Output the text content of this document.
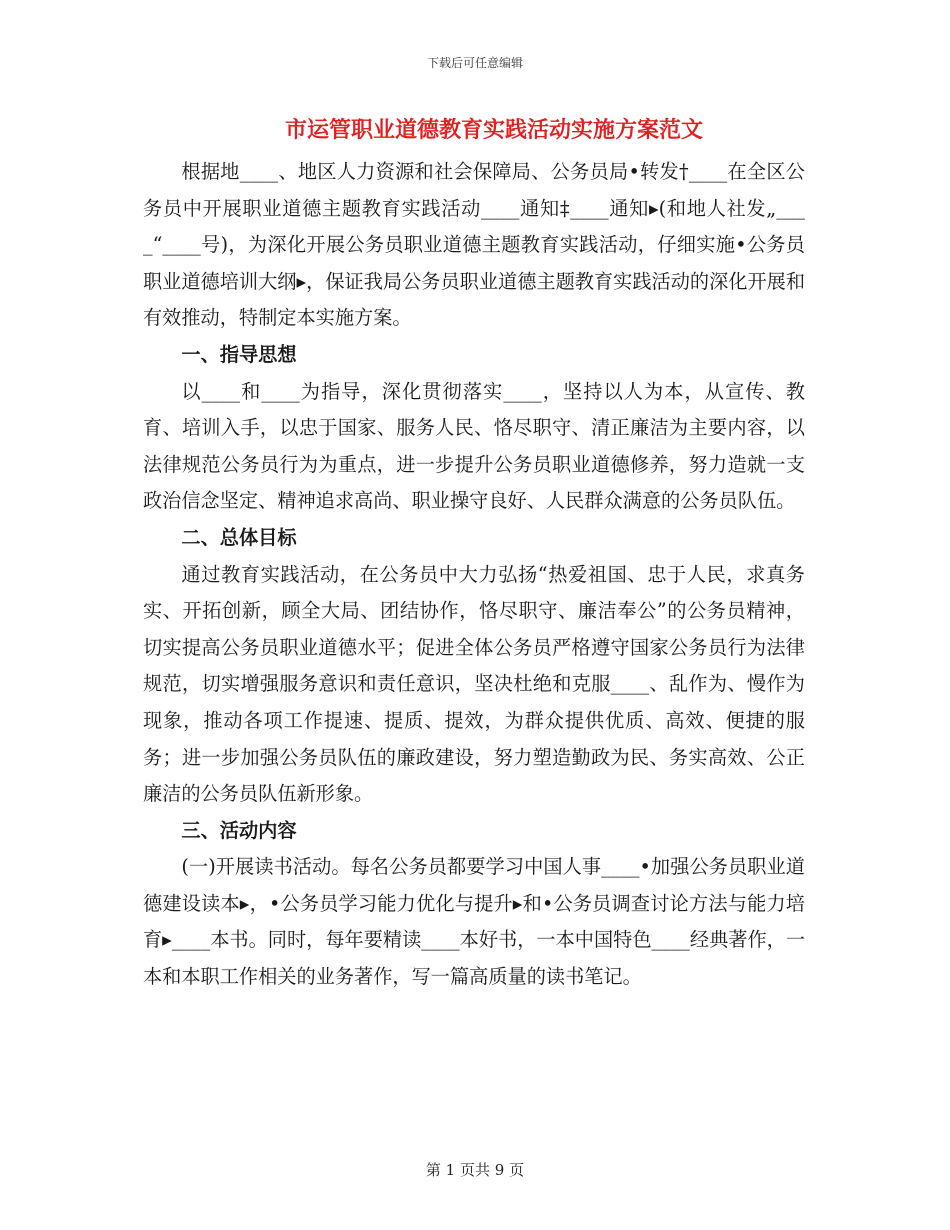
下载后可任意编辑
市运管职业道德教育实践活动实施方案范文

根据地____、地区人力资源和社会保障局、公务员局•转发†____在全区公务员中开展职业道德主题教育实践活动____通知‡____通知▸(和地人社发„____“____号)，为深化开展公务员职业道德主题教育实践活动，仔细实施•公务员职业道德培训大纲▸，保证我局公务员职业道德主题教育实践活动的深化开展和有效推动，特制定本实施方案。

一、指导思想

以____和____为指导，深化贯彻落实____，坚持以人为本，从宣传、教育、培训入手，以忠于国家、服务人民、恪尽职守、清正廉洁为主要内容，以法律规范公务员行为为重点，进一步提升公务员职业道德修养，努力造就一支政治信念坚定、精神追求高尚、职业操守良好、人民群众满意的公务员队伍。

二、总体目标

通过教育实践活动，在公务员中大力弘扬“热爱祖国、忠于人民，求真务实、开拓创新，顾全大局、团结协作，恪尽职守、廉洁奉公”的公务员精神，切实提高公务员职业道德水平；促进全体公务员严格遵守国家公务员行为法律规范，切实增强服务意识和责任意识，坚决杜绝和克服____、乱作为、慢作为现象，推动各项工作提速、提质、提效，为群众提供优质、高效、便捷的服务；进一步加强公务员队伍的廉政建设，努力塑造勤政为民、务实高效、公正廉洁的公务员队伍新形象。

三、活动内容

(一)开展读书活动。每名公务员都要学习中国人事____•加强公务员职业道德建设读本▸，•公务员学习能力优化与提升▸和•公务员调查讨论方法与能力培育▸____本书。同时，每年要精读____本好书，一本中国特色____经典著作，一本和本职工作相关的业务著作，写一篇高质量的读书笔记。

第 1 页共 9 页
